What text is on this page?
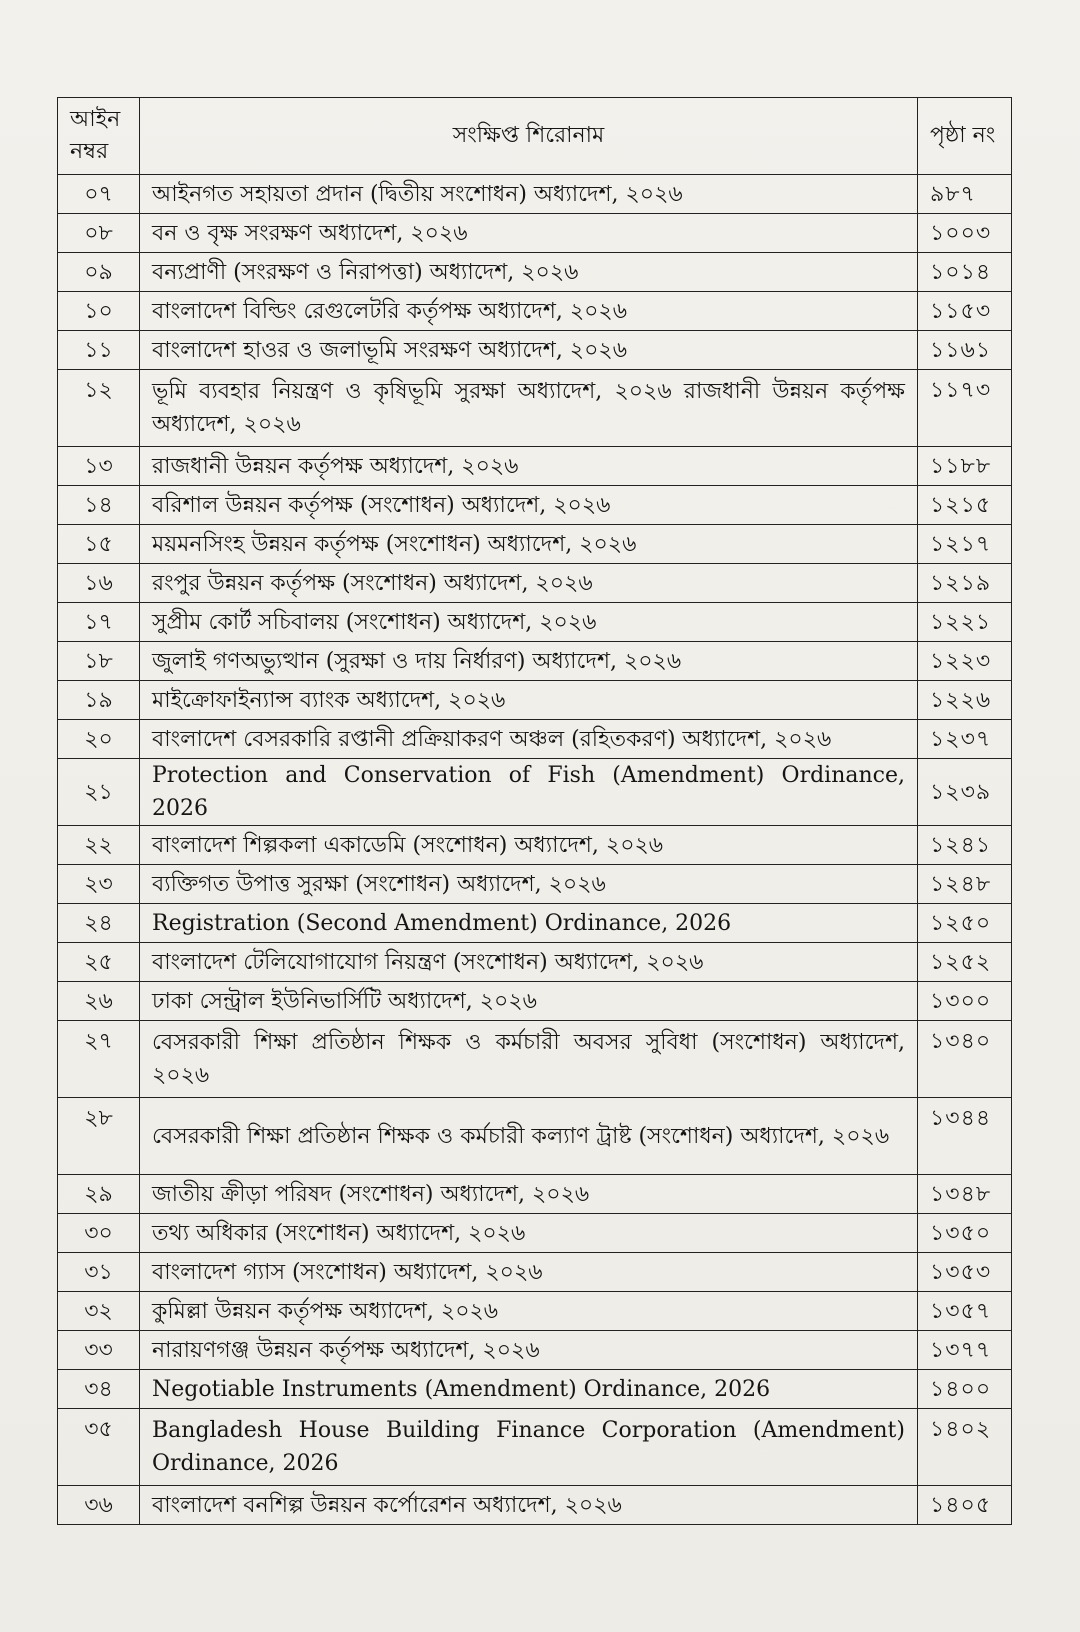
আইন নম্বর	সংক্ষিপ্ত শিরোনাম	পৃষ্ঠা নং
০৭	আইনগত সহায়তা প্রদান (দ্বিতীয় সংশোধন) অধ্যাদেশ, ২০২৬	৯৮৭
০৮	বন ও বৃক্ষ সংরক্ষণ অধ্যাদেশ, ২০২৬	১০০৩
০৯	বন্যপ্রাণী (সংরক্ষণ ও নিরাপত্তা) অধ্যাদেশ, ২০২৬	১০১৪
১০	বাংলাদেশ বিল্ডিং রেগুলেটরি কর্তৃপক্ষ অধ্যাদেশ, ২০২৬	১১৫৩
১১	বাংলাদেশ হাওর ও জলাভূমি সংরক্ষণ অধ্যাদেশ, ২০২৬	১১৬১
১২	ভূমি ব্যবহার নিয়ন্ত্রণ ও কৃষিভূমি সুরক্ষা অধ্যাদেশ, ২০২৬ রাজধানী উন্নয়ন কর্তৃপক্ষ অধ্যাদেশ, ২০২৬	১১৭৩
১৩	রাজধানী উন্নয়ন কর্তৃপক্ষ অধ্যাদেশ, ২০২৬	১১৮৮
১৪	বরিশাল উন্নয়ন কর্তৃপক্ষ (সংশোধন) অধ্যাদেশ, ২০২৬	১২১৫
১৫	ময়মনসিংহ উন্নয়ন কর্তৃপক্ষ (সংশোধন) অধ্যাদেশ, ২০২৬	১২১৭
১৬	রংপুর উন্নয়ন কর্তৃপক্ষ (সংশোধন) অধ্যাদেশ, ২০২৬	১২১৯
১৭	সুপ্রীম কোর্ট সচিবালয় (সংশোধন) অধ্যাদেশ, ২০২৬	১২২১
১৮	জুলাই গণঅভ্যুত্থান (সুরক্ষা ও দায় নির্ধারণ) অধ্যাদেশ, ২০২৬	১২২৩
১৯	মাইক্রোফাইন্যান্স ব্যাংক অধ্যাদেশ, ২০২৬	১২২৬
২০	বাংলাদেশ বেসরকারি রপ্তানী প্রক্রিয়াকরণ অঞ্চল (রহিতকরণ) অধ্যাদেশ, ২০২৬	১২৩৭
২১	Protection and Conservation of Fish (Amendment) Ordinance, 2026	১২৩৯
২২	বাংলাদেশ শিল্পকলা একাডেমি (সংশোধন) অধ্যাদেশ, ২০২৬	১২৪১
২৩	ব্যক্তিগত উপাত্ত সুরক্ষা (সংশোধন) অধ্যাদেশ, ২০২৬	১২৪৮
২৪	Registration (Second Amendment) Ordinance, 2026	১২৫০
২৫	বাংলাদেশ টেলিযোগাযোগ নিয়ন্ত্রণ (সংশোধন) অধ্যাদেশ, ২০২৬	১২৫২
২৬	ঢাকা সেন্ট্রাল ইউনিভার্সিটি অধ্যাদেশ, ২০২৬	১৩০০
২৭	বেসরকারী শিক্ষা প্রতিষ্ঠান শিক্ষক ও কর্মচারী অবসর সুবিধা (সংশোধন) অধ্যাদেশ, ২০২৬	১৩৪০
২৮	বেসরকারী শিক্ষা প্রতিষ্ঠান শিক্ষক ও কর্মচারী কল্যাণ ট্রাষ্ট (সংশোধন) অধ্যাদেশ, ২০২৬	১৩৪৪
২৯	জাতীয় ক্রীড়া পরিষদ (সংশোধন) অধ্যাদেশ, ২০২৬	১৩৪৮
৩০	তথ্য অধিকার (সংশোধন) অধ্যাদেশ, ২০২৬	১৩৫০
৩১	বাংলাদেশ গ্যাস (সংশোধন) অধ্যাদেশ, ২০২৬	১৩৫৩
৩২	কুমিল্লা উন্নয়ন কর্তৃপক্ষ অধ্যাদেশ, ২০২৬	১৩৫৭
৩৩	নারায়ণগঞ্জ উন্নয়ন কর্তৃপক্ষ অধ্যাদেশ, ২০২৬	১৩৭৭
৩৪	Negotiable Instruments (Amendment) Ordinance, 2026	১৪০০
৩৫	Bangladesh House Building Finance Corporation (Amendment) Ordinance, 2026	১৪০২
৩৬	বাংলাদেশ বনশিল্প উন্নয়ন কর্পোরেশন অধ্যাদেশ, ২০২৬	১৪০৫
